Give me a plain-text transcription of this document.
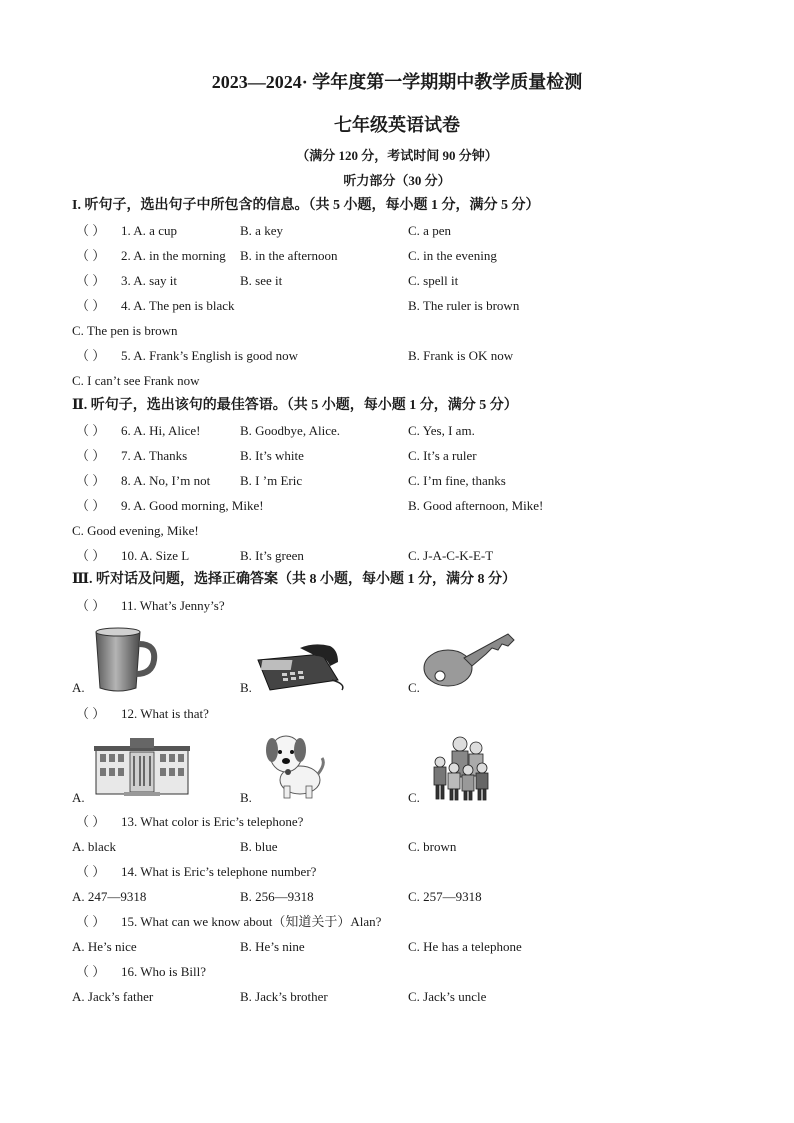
2023—2024· 学年度第一学期期中教学质量检测
七年级英语试卷
（满分 120 分，考试时间 90 分钟）
听力部分（30 分）
I. 听句子，选出句子中所包含的信息。（共 5 小题，每小题 1 分，满分 5 分）
（ ） 1. A. a cup	B. a key	C. a pen
（ ） 2. A. in the morning B. in the afternoon	C. in the evening
（ ） 3. A. say it	B. see it	C. spell it
（ ） 4. A. The pen is black	B. The ruler is brown
C. The pen is brown
（ ） 5. A. Frank’s English is good now	B. Frank is OK now
C. I can’t see Frank now
Ⅱ. 听句子，选出该句的最佳答语。（共 5 小题，每小题 1 分，满分 5 分）
（ ） 6. A. Hi, Alice!	B. Goodbye, Alice.	C. Yes, I am.
（ ） 7. A. Thanks	B. It’s white	C. It’s a ruler
（ ） 8. A. No, I’m not B. I ’m Eric	C. I’m fine, thanks
（ ） 9. A. Good morning, Mike!	B. Good afternoon, Mike!
C. Good evening, Mike!
（ ） 10. A. Size L	B. It’s green	C. J-A-C-K-E-T
Ⅲ. 听对话及问题，选择正确答案（共 8 小题，每小题 1 分，满分 8 分）
（ ） 11. What’s Jenny’s?
A.	B.	C.
（ ） 12. What is that?
A.	B.	C.
（ ） 13. What color is Eric’s telephone?
A. black	B. blue	C. brown
（ ） 14. What is Eric’s telephone number?
A. 247—9318	B. 256—9318	C. 257—9318
（ ） 15. What can we know about（知道关于）Alan?
A. He’s nice	B. He’s nine	C. He has a telephone
（ ） 16. Who is Bill?
A. Jack’s father	B. Jack’s brother	C. Jack’s uncle
